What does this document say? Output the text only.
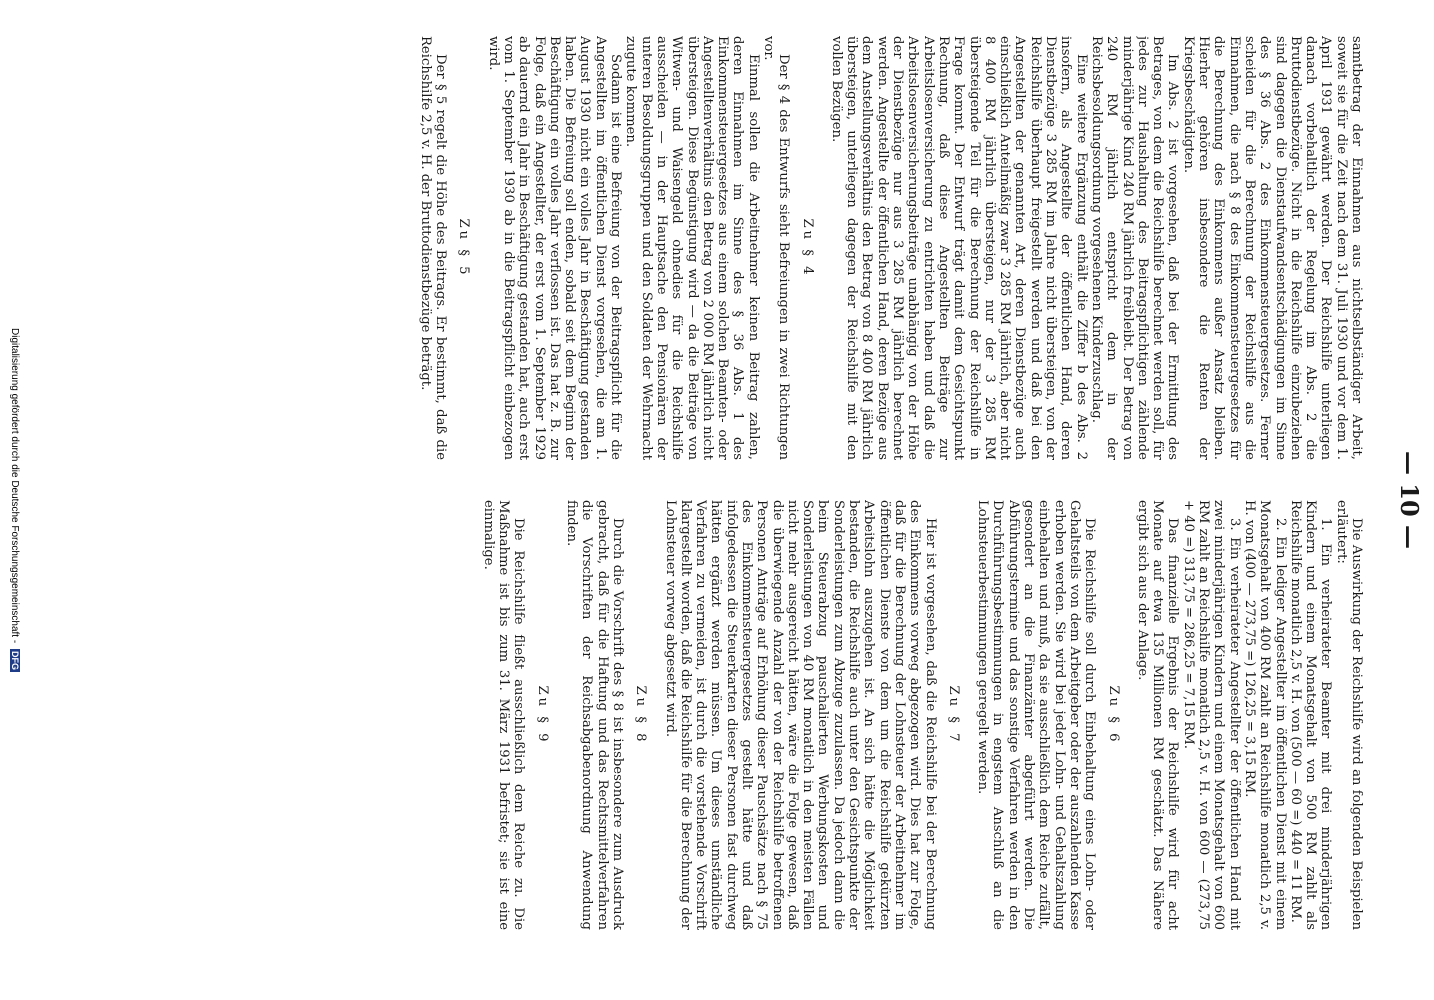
— 10 —

samtbetrag der Einnahmen aus nichtselbständiger Arbeit, soweit sie für die Zeit nach dem 31. Juli 1930 und vor dem 1. April 1931 gewährt werden. Der Reichshilfe unterliegen danach vorbehaltlich der Regelung im Abs. 2 die Bruttodienstbezüge. Nicht in die Reichshilfe einzubeziehen sind dagegen die Dienstaufwandsentschädigungen im Sinne des § 36 Abs. 2 des Einkommensteuergesetzes. Ferner scheiden für die Berechnung der Reichshilfe aus die Einnahmen, die nach § 8 des Einkommensteuergesetzes für die Berechnung des Einkommens außer Ansatz bleiben. Hierher gehören insbesondere die Renten der Kriegsbeschädigten.

Im Abs. 2 ist vorgesehen, daß bei der Ermittlung des Betrages, von dem die Reichshilfe berechnet werden soll, für jedes zur Haushaltung des Beitragspflichtigen zählende minderjährige Kind 240 RM jährlich freibleibt. Der Betrag von 240 RM jährlich entspricht dem in der Reichsbesoldungsordnung vorgesehenen Kinderzuschlag.

Eine weitere Ergänzung enthält die Ziffer b des Abs. 2 insofern, als Angestellte der öffentlichen Hand, deren Dienstbezüge 3 285 RM im Jahre nicht übersteigen, von der Reichshilfe überhaupt freigestellt werden und daß bei den Angestellten der genannten Art, deren Dienstbezüge auch einschließlich Anteilmäßig zwar 3 285 RM jährlich, aber nicht 8 400 RM jährlich übersteigen, nur der 3 285 RM übersteigende Teil für die Berechnung der Reichshilfe in Frage kommt. Der Entwurf trägt damit dem Gesichtspunkt Rechnung, daß diese Angestellten Beiträge zur Arbeitslosenversicherung zu entrichten haben und daß die Arbeitslosenversicherungsbeiträge unabhängig von der Höhe der Dienstbezüge nur aus 3 285 RM jährlich berechnet werden. Angestellte der öffentlichen Hand, deren Bezüge aus dem Anstellungsverhältnis den Betrag von 8 400 RM jährlich übersteigen, unterliegen dagegen der Reichshilfe mit den vollen Bezügen.

Zu § 4

Der § 4 des Entwurfs sieht Befreiungen in zwei Richtungen vor.

Einmal sollen die Arbeitnehmer keinen Beitrag zahlen, deren Einnahmen im Sinne des § 36 Abs. 1 des Einkommensteuergesetzes aus einem solchen Beamten- oder Angestelltenverhältnis den Betrag von 2 000 RM jährlich nicht übersteigen. Diese Begünstigung wird — da die Beiträge von Witwen- und Waisengeld ohnedies für die Reichshilfe ausscheiden — in der Hauptsache den Pensionären der unteren Besoldungsgruppen und den Soldaten der Wehrmacht zugute kommen.

Sodann ist eine Befreiung von der Beitragspflicht für die Angestellten im öffentlichen Dienst vorgesehen, die am 1. August 1930 nicht ein volles Jahr in Beschäftigung gestanden haben. Die Befreiung soll enden, sobald seit dem Beginn der Beschäftigung ein volles Jahr verflossen ist. Das hat z. B. zur Folge, daß ein Angestellter, der erst vom 1. September 1929 ab dauernd ein Jahr in Beschäftigung gestanden hat, auch erst vom 1. September 1930 ab in die Beitragspflicht einbezogen wird.

Zu § 5

Der § 5 regelt die Höhe des Beitrags. Er bestimmt, daß die Reichshilfe 2,5 v. H. der Bruttodienstbezüge beträgt.

Die Auswirkung der Reichshilfe wird an folgenden Beispielen erläutert:

1. Ein verheirateter Beamter mit drei minderjährigen Kindern und einem Monatsgehalt von 500 RM zahlt als Reichshilfe monatlich 2,5 v. H. von (500 — 60 =) 440 = 11 RM.

2. Ein lediger Angestellter im öffentlichen Dienst mit einem Monatsgehalt von 400 RM zahlt an Reichshilfe monatlich 2,5 v. H. von (400 — 273,75 =) 126,25 = 3,15 RM.

3. Ein verheirateter Angestellter der öffentlichen Hand mit zwei minderjährigen Kindern und einem Monatsgehalt von 600 RM zahlt an Reichshilfe monatlich 2,5 v. H. von 600 — (273,75 + 40 =) 313,75 = 286,25 = 7,15 RM.

Das finanzielle Ergebnis der Reichshilfe wird für acht Monate auf etwa 135 Millionen RM geschätzt. Das Nähere ergibt sich aus der Anlage.

Zu § 6

Die Reichshilfe soll durch Einbehaltung eines Lohn- oder Gehaltsteils von dem Arbeitgeber oder der auszahlenden Kasse erhoben werden. Sie wird bei jeder Lohn- und Gehaltszahlung einbehalten und muß, da sie ausschließlich dem Reiche zufällt, gesondert an die Finanzämter abgeführt werden. Die Abführungstermine und das sonstige Verfahren werden in den Durchführungsbestimmungen in engstem Anschluß an die Lohnsteuerbestimmungen geregelt werden.

Zu § 7

Hier ist vorgesehen, daß die Reichshilfe bei der Berechnung des Einkommens vorweg abgezogen wird. Dies hat zur Folge, daß für die Berechnung der Lohnsteuer der Arbeitnehmer im öffentlichen Dienste von dem um die Reichshilfe gekürzten Arbeitslohn auszugehen ist. An sich hätte die Möglichkeit bestanden, die Reichshilfe auch unter den Gesichtspunkte der Sonderleistungen zum Abzuge zuzulassen. Da jedoch dann die beim Steuerabzug pauschalierten Werbungskosten und Sonderleistungen von 40 RM monatlich in den meisten Fällen nicht mehr ausgereicht hätten, wäre die Folge gewesen, daß die überwiegende Anzahl der von der Reichshilfe betroffenen Personen Anträge auf Erhöhung dieser Pauschsätze nach § 75 des Einkommensteuergesetzes gestellt hätte und daß infolgedessen die Steuerkarten dieser Personen fast durchweg hätten ergänzt werden müssen. Um dieses umständliche Verfahren zu vermeiden, ist durch die vorstehende Vorschrift klargestellt worden, daß die Reichshilfe für die Berechnung der Lohnsteuer vorweg abgesetzt wird.

Zu § 8

Durch die Vorschrift des § 8 ist insbesondere zum Ausdruck gebracht, daß für die Haftung und das Rechtsmittelverfahren die Vorschriften der Reichsabgabenordnung Anwendung finden.

Zu § 9

Die Reichshilfe fließt ausschließlich dem Reiche zu. Die Maßnahme ist bis zum 31. März 1931 befristet; sie ist eine einmalige.

Digitalisierung gefördert durch die Deutsche Forschungsgemeinschaft - DFG
